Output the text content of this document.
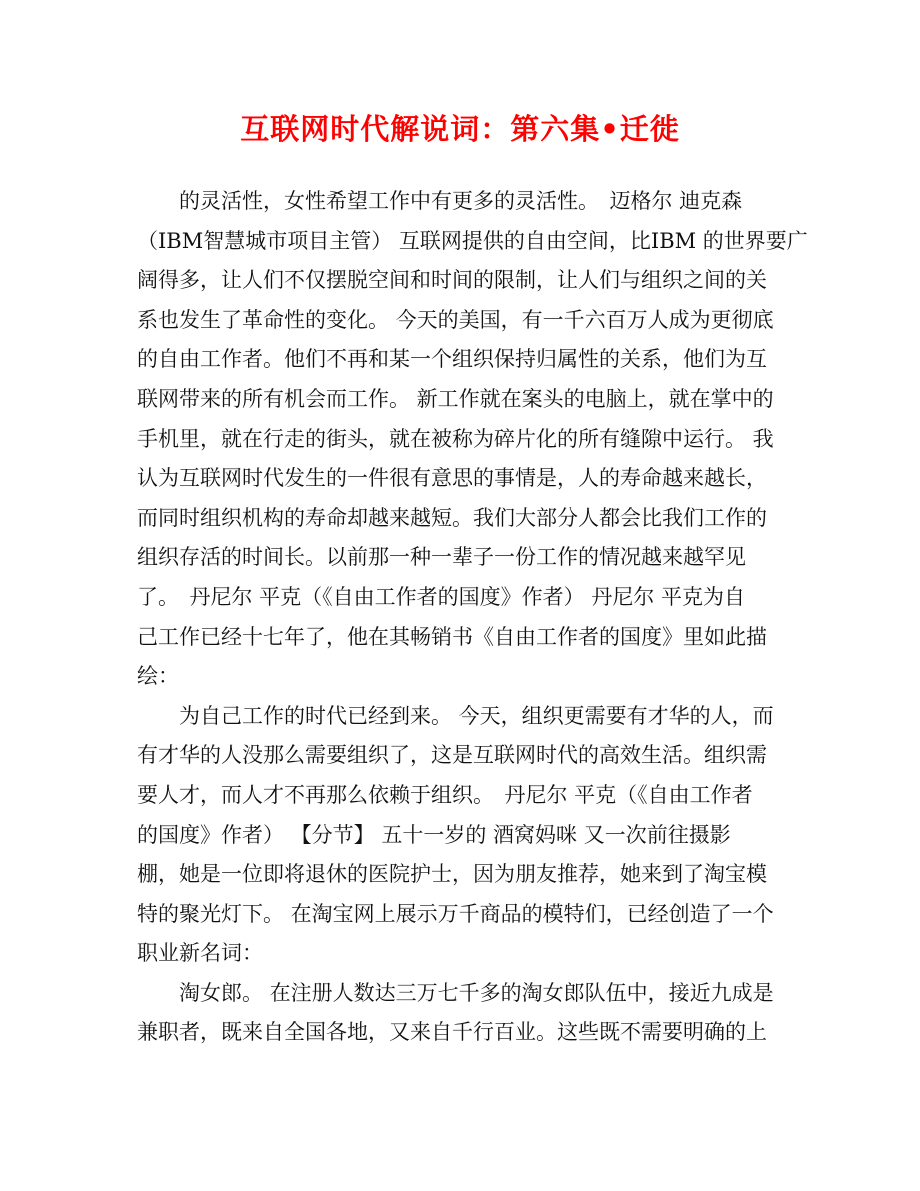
互联网时代解说词：第六集•迁徙
的灵活性，女性希望工作中有更多的灵活性。　迈格尔 迪克森
（IBM智慧城市项目主管） 互联网提供的自由空间，比IBM 的世界要广
阔得多，让人们不仅摆脱空间和时间的限制，让人们与组织之间的关
系也发生了革命性的变化。 今天的美国，有一千六百万人成为更彻底
的自由工作者。他们不再和某一个组织保持归属性的关系，他们为互
联网带来的所有机会而工作。 新工作就在案头的电脑上，就在掌中的
手机里，就在行走的街头，就在被称为碎片化的所有缝隙中运行。 我
认为互联网时代发生的一件很有意思的事情是，人的寿命越来越长，
而同时组织机构的寿命却越来越短。我们大部分人都会比我们工作的
组织存活的时间长。以前那一种一辈子一份工作的情况越来越罕见
了。　丹尼尔 平克（《自由工作者的国度》作者） 丹尼尔 平克为自
己工作已经十七年了，他在其畅销书《自由工作者的国度》里如此描
绘：
为自己工作的时代已经到来。 今天，组织更需要有才华的人，而
有才华的人没那么需要组织了，这是互联网时代的高效生活。组织需
要人才，而人才不再那么依赖于组织。　丹尼尔 平克（《自由工作者
的国度》作者） 【分节】 五十一岁的 酒窝妈咪 又一次前往摄影
棚，她是一位即将退休的医院护士，因为朋友推荐，她来到了淘宝模
特的聚光灯下。 在淘宝网上展示万千商品的模特们，已经创造了一个
职业新名词：
淘女郎。 在注册人数达三万七千多的淘女郎队伍中，接近九成是
兼职者，既来自全国各地，又来自千行百业。这些既不需要明确的上
